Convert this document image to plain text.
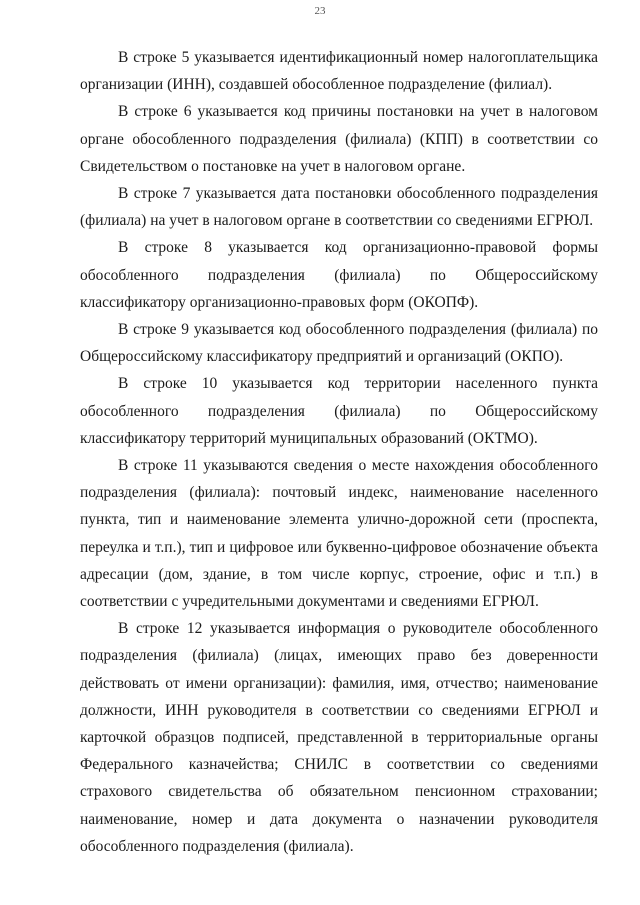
23

В строке 5 указывается идентификационный номер налогоплательщика организации (ИНН), создавшей обособленное подразделение (филиал).

В строке 6 указывается код причины постановки на учет в налоговом органе обособленного подразделения (филиала) (КПП) в соответствии со Свидетельством о постановке на учет в налоговом органе.

В строке 7 указывается дата постановки обособленного подразделения (филиала) на учет в налоговом органе в соответствии со сведениями ЕГРЮЛ.

В строке 8 указывается код организационно-правовой формы обособленного подразделения (филиала) по Общероссийскому классификатору организационно-правовых форм (ОКОПФ).

В строке 9 указывается код обособленного подразделения (филиала) по Общероссийскому классификатору предприятий и организаций (ОКПО).

В строке 10 указывается код территории населенного пункта обособленного подразделения (филиала) по Общероссийскому классификатору территорий муниципальных образований (ОКТМО).

В строке 11 указываются сведения о месте нахождения обособленного подразделения (филиала): почтовый индекс, наименование населенного пункта, тип и наименование элемента улично-дорожной сети (проспекта, переулка и т.п.), тип и цифровое или буквенно-цифровое обозначение объекта адресации (дом, здание, в том числе корпус, строение, офис и т.п.) в соответствии с учредительными документами и сведениями ЕГРЮЛ.

В строке 12 указывается информация о руководителе обособленного подразделения (филиала) (лицах, имеющих право без доверенности действовать от имени организации): фамилия, имя, отчество; наименование должности, ИНН руководителя в соответствии со сведениями ЕГРЮЛ и карточкой образцов подписей, представленной в территориальные органы Федерального казначейства; СНИЛС в соответствии со сведениями страхового свидетельства об обязательном пенсионном страховании; наименование, номер и дата документа о назначении руководителя обособленного подразделения (филиала).
